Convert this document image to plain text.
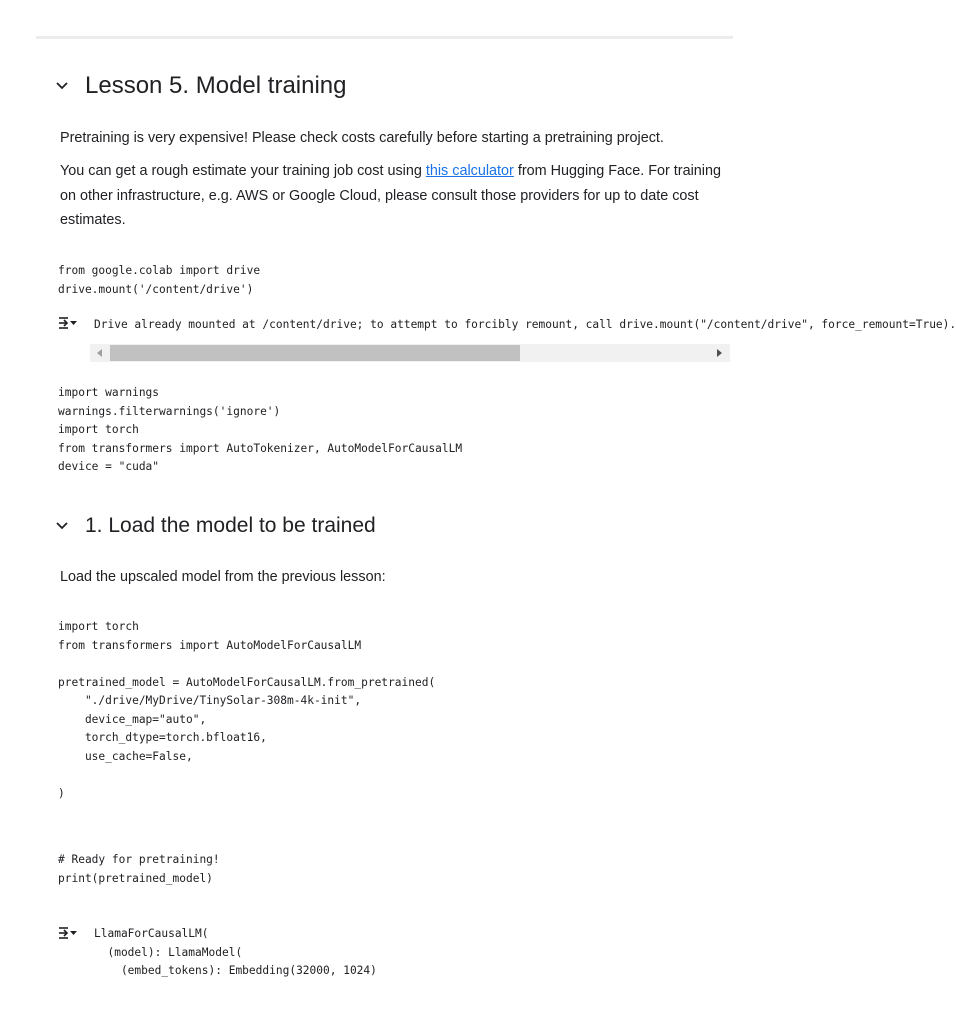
Lesson 5. Model training

Pretraining is very expensive! Please check costs carefully before starting a pretraining project.

You can get a rough estimate your training job cost using this calculator from Hugging Face. For training on other infrastructure, e.g. AWS or Google Cloud, please consult those providers for up to date cost estimates.

from google.colab import drive
drive.mount('/content/drive')
Drive already mounted at /content/drive; to attempt to forcibly remount, call drive.mount("/content/drive", force_remount=True).
import warnings
warnings.filterwarnings('ignore')
import torch
from transformers import AutoTokenizer, AutoModelForCausalLM
device = "cuda"
1. Load the model to be trained

Load the upscaled model from the previous lesson:

import torch
from transformers import AutoModelForCausalLM

pretrained_model = AutoModelForCausalLM.from_pretrained(
"./drive/MyDrive/TinySolar-308m-4k-init",
device_map="auto",
torch_dtype=torch.bfloat16,
use_cache=False,

)
# Ready for pretraining!
print(pretrained_model)
LlamaForCausalLM(
(model): LlamaModel(
(embed_tokens): Embedding(32000, 1024)
